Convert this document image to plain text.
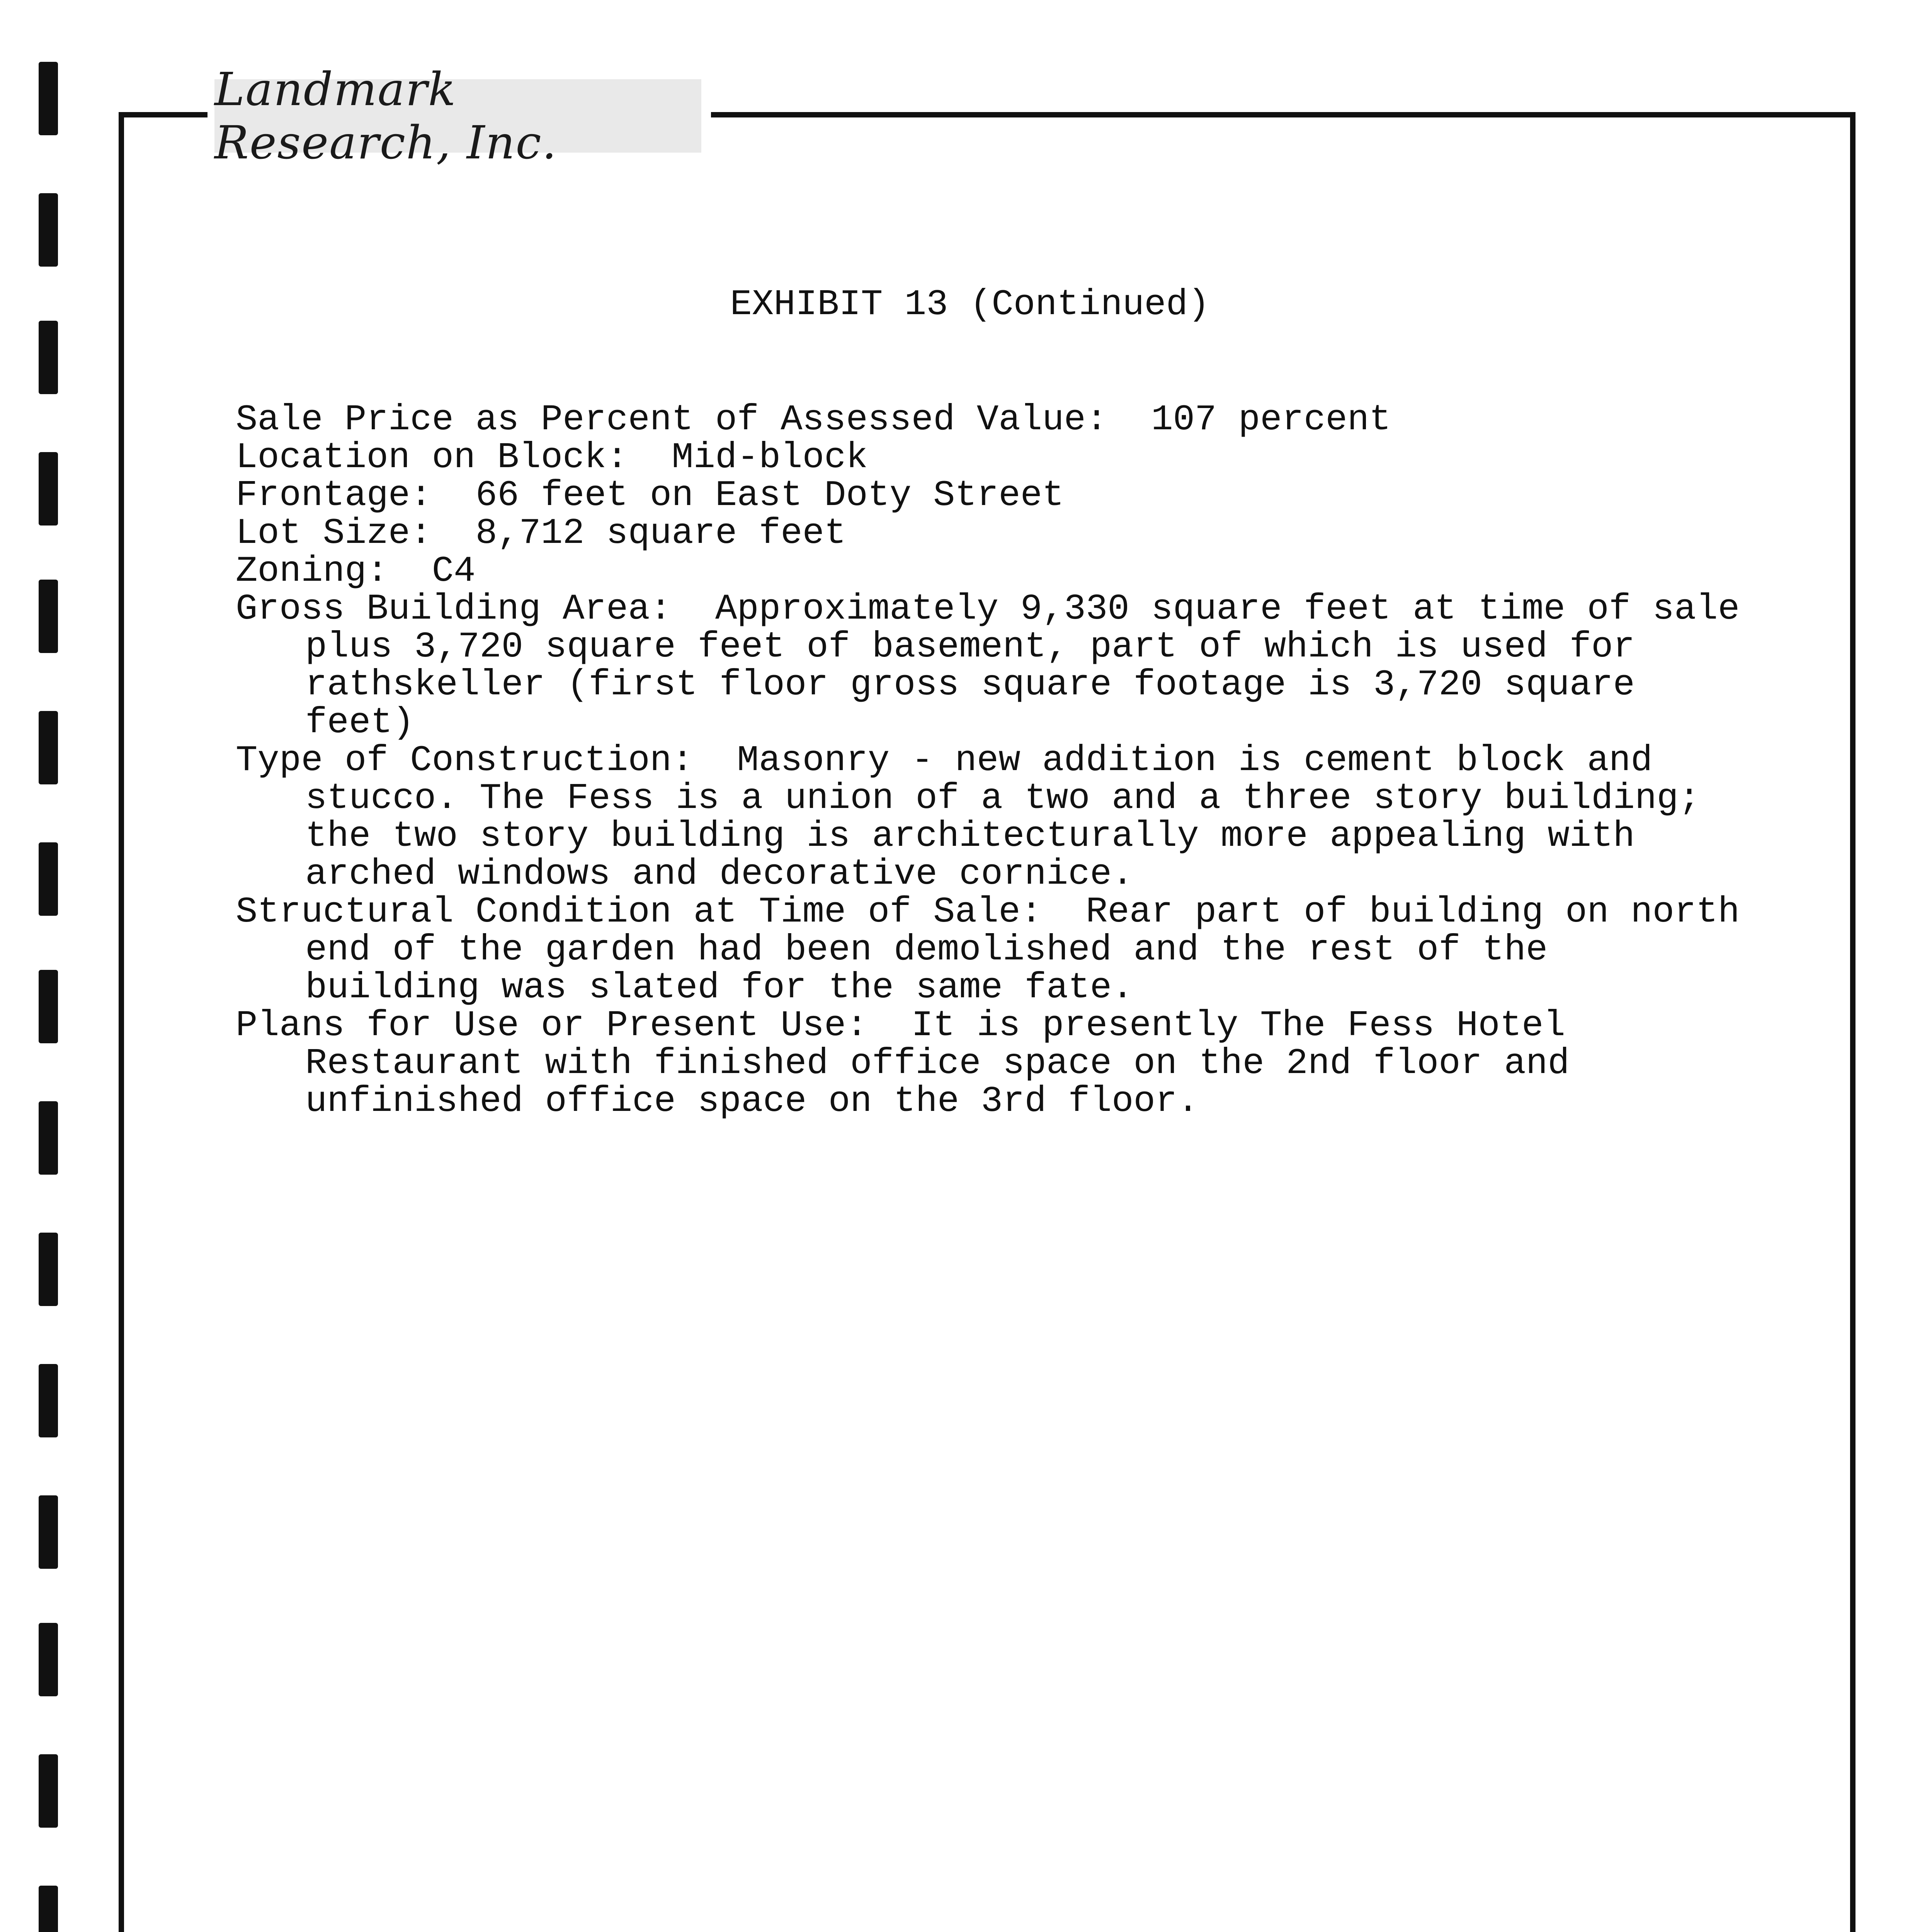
Landmark Research, Inc.
EXHIBIT 13 (Continued)

Sale Price as Percent of Assessed Value: 107 percent

Location on Block: Mid-block

Frontage: 66 feet on East Doty Street

Lot Size: 8,712 square feet

Zoning: C4

Gross Building Area: Approximately 9,330 square feet at time of sale plus 3,720 square feet of basement, part of which is used for rathskeller (first floor gross square footage is 3,720 square feet)

Type of Construction: Masonry - new addition is cement block and stucco. The Fess is a union of a two and a three story building; the two story building is architecturally more appealing with arched windows and decorative cornice.

Structural Condition at Time of Sale: Rear part of building on north end of the garden had been demolished and the rest of the building was slated for the same fate.

Plans for Use or Present Use: It is presently The Fess Hotel Restaurant with finished office space on the 2nd floor and unfinished office space on the 3rd floor.
